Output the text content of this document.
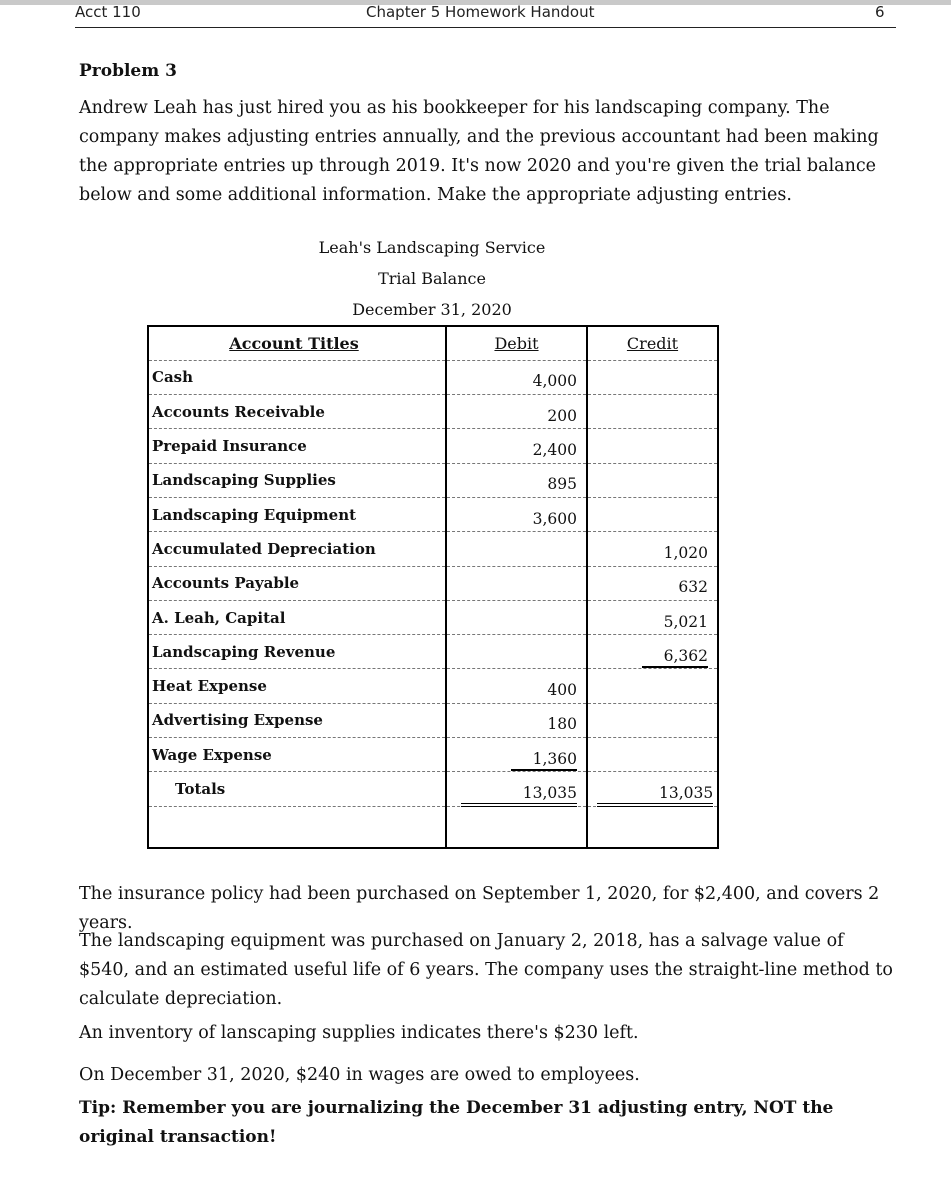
Acct 110	Chapter 5 Homework Handout	6
Problem 3
Andrew Leah has just hired you as his bookkeeper for his landscaping company. The company makes adjusting entries annually, and the previous accountant had been making the appropriate entries up through 2019. It's now 2020 and you're given the trial balance below and some additional information. Make the appropriate adjusting entries.
Leah's Landscaping Service
Trial Balance
December 31, 2020
Account Titles	Debit	Credit
Cash	4,000	
Accounts Receivable	200	
Prepaid Insurance	2,400	
Landscaping Supplies	895	
Landscaping Equipment	3,600	
Accumulated Depreciation		1,020
Accounts Payable		632
A. Leah, Capital		5,021
Landscaping Revenue		6,362
Heat Expense	400	
Advertising Expense	180	
Wage Expense	1,360	
Totals	13,035	13,035

The insurance policy had been purchased on September 1, 2020, for $2,400, and covers 2 years.
The landscaping equipment was purchased on January 2, 2018, has a salvage value of $540, and an estimated useful life of 6 years. The company uses the straight-line method to calculate depreciation.
An inventory of lanscaping supplies indicates there's $230 left.
On December 31, 2020, $240 in wages are owed to employees.
Tip: Remember you are journalizing the December 31 adjusting entry, NOT the original transaction!
